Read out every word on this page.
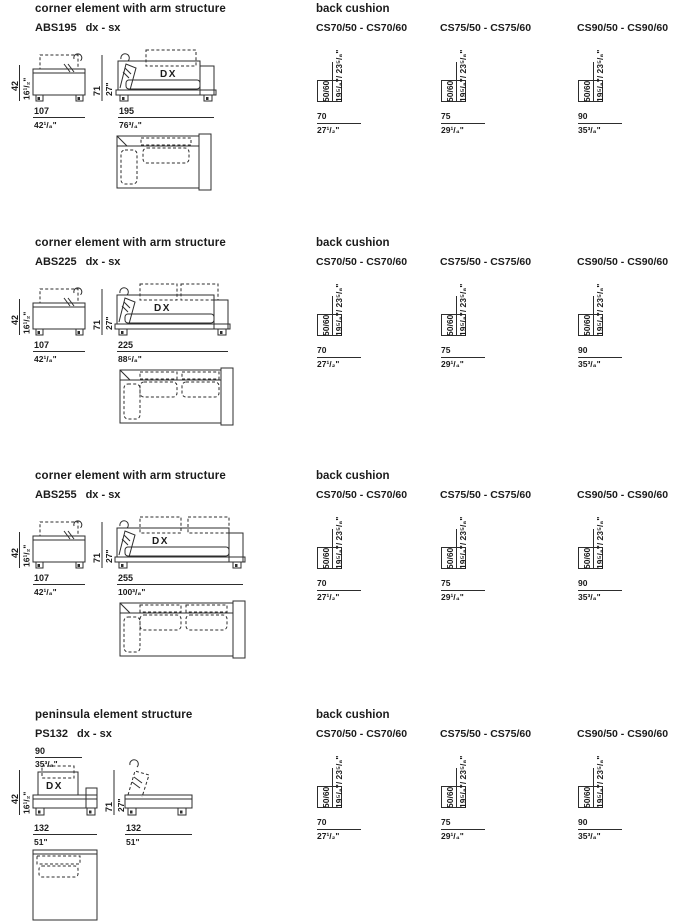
corner element with arm structure
ABS195 dx - sx
42 16¹/₂"
107
42¹/₈"
71 27"
DX
195
76³/₄"
back cushion
CS70/50 - CS70/60
50/60 19⁵/₈"/ 23⁵/₈"
70
27¹/₂"
CS75/50 - CS75/60
50/60 19⁵/₈"/ 23⁵/₈"
75
29¹/₄"
CS90/50 - CS90/60
50/60 19⁵/₈"/ 23⁵/₈"
90
35³/₈"
corner element with arm structure
ABS225 dx - sx
42 16¹/₂"
107
42¹/₈"
71 27"
DX
225
88⁵/₈"
back cushion
CS70/50 - CS70/60
50/60 19⁵/₈"/ 23⁵/₈"
70
27¹/₂"
CS75/50 - CS75/60
50/60 19⁵/₈"/ 23⁵/₈"
75
29¹/₄"
CS90/50 - CS90/60
50/60 19⁵/₈"/ 23⁵/₈"
90
35³/₈"
corner element with arm structure
ABS255 dx - sx
42 16¹/₂"
107
42¹/₈"
71 27"
DX
255
100³/₈"
back cushion
CS70/50 - CS70/60
50/60 19⁵/₈"/ 23⁵/₈"
70
27¹/₂"
CS75/50 - CS75/60
50/60 19⁵/₈"/ 23⁵/₈"
75
29¹/₄"
CS90/50 - CS90/60
50/60 19⁵/₈"/ 23⁵/₈"
90
35³/₈"
peninsula element structure
PS132 dx - sx
90
35³/₈"
DX
42 16¹/₂"
132
51"
71 27"
132
51"
back cushion
CS70/50 - CS70/60
50/60 19⁵/₈"/ 23⁵/₈"
70
27¹/₂"
CS75/50 - CS75/60
50/60 19⁵/₈"/ 23⁵/₈"
75
29¹/₄"
CS90/50 - CS90/60
50/60 19⁵/₈"/ 23⁵/₈"
90
35³/₈"
